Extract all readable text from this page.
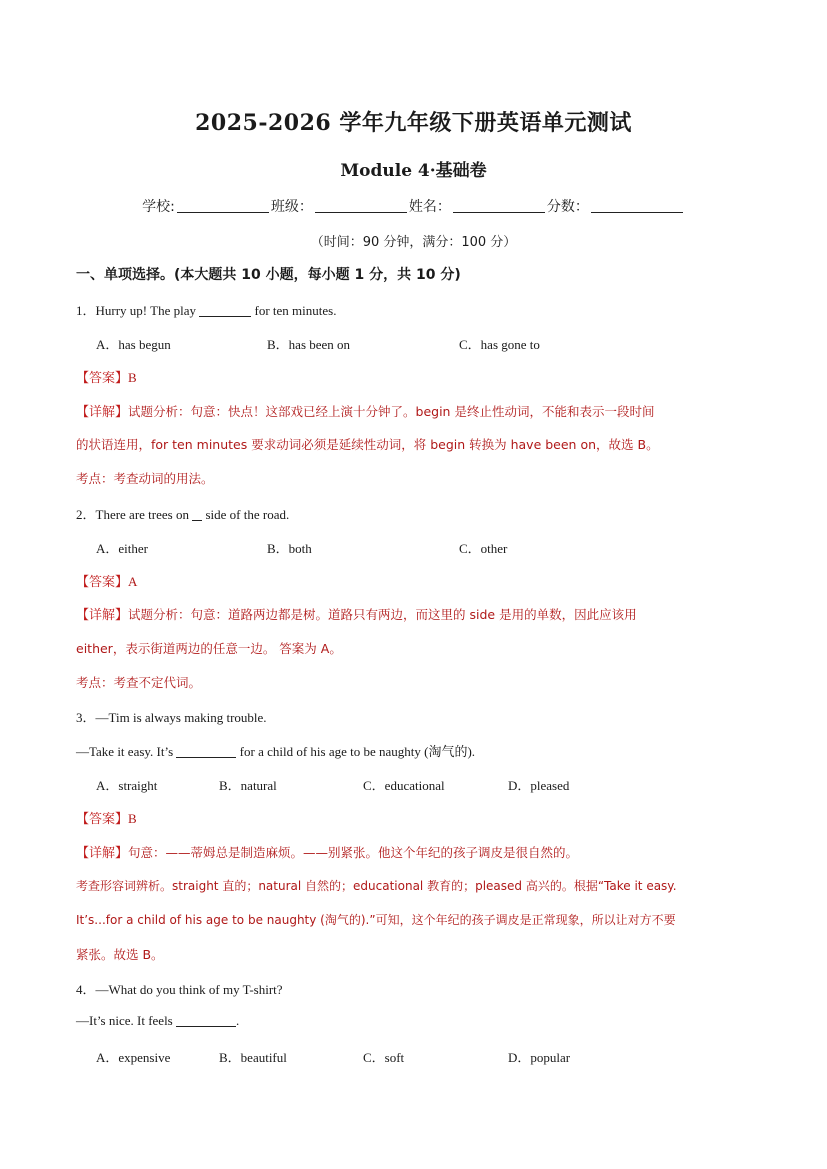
2025-2026 学年九年级下册英语单元测试
Module 4·基础卷
学校:	班级：	姓名：	分数：
（时间：90 分钟，满分：100 分）
一、单项选择。(本大题共 10 小题，每小题 1 分，共 10 分)
1．Hurry up! The play	for ten minutes.
A．has begun	B．has been on	C．has gone to
【答案】B
【详解】试题分析：句意：快点！这部戏已经上演十分钟了。begin 是终止性动词，不能和表示一段时间
的状语连用，for ten minutes 要求动词必须是延续性动词，将 begin 转换为 have been on，故选 B。
考点：考查动词的用法。
2．There are trees on  side of the road.
A．either	B．both	C．other
【答案】A
【详解】试题分析：句意：道路两边都是树。道路只有两边，而这里的 side 是用的单数，因此应该用
either，表示街道两边的任意一边。 答案为 A。
考点：考查不定代词。
3．—Tim is always making trouble.
—Take it easy. It’s	for a child of his age to be naughty (淘气的).
A．straight	B．natural	C．educational	D．pleased
【答案】B
【详解】句意：——蒂姆总是制造麻烦。——别紧张。他这个年纪的孩子调皮是很自然的。
考查形容词辨析。straight 直的；natural 自然的；educational 教育的；pleased 高兴的。根据“Take it easy.
It’s...for a child of his age to be naughty (淘气的).”可知，这个年纪的孩子调皮是正常现象，所以让对方不要
紧张。故选 B。
4．—What do you think of my T-shirt?
—It’s nice. It feels	.
A．expensive	B．beautiful	C．soft	D．popular
